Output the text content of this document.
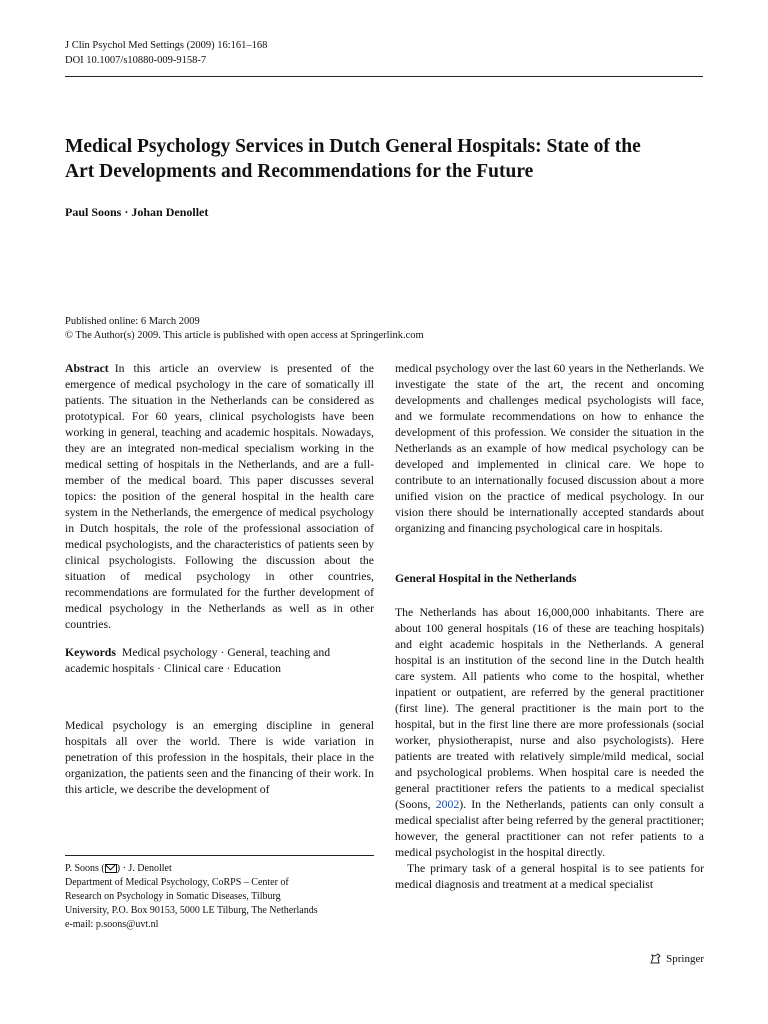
J Clin Psychol Med Settings (2009) 16:161–168
DOI 10.1007/s10880-009-9158-7
Medical Psychology Services in Dutch General Hospitals: State of the Art Developments and Recommendations for the Future
Paul Soons · Johan Denollet
Published online: 6 March 2009
© The Author(s) 2009. This article is published with open access at Springerlink.com

Abstract In this article an overview is presented of the emergence of medical psychology in the care of somatically ill patients. The situation in the Netherlands can be considered as prototypical. For 60 years, clinical psychologists have been working in general, teaching and academic hospitals. Nowadays, they are an integrated non-medical specialism working in the medical setting of hospitals in the Netherlands, and are a full-member of the medical board. This paper discusses several topics: the position of the general hospital in the health care system in the Netherlands, the emergence of medical psychology in Dutch hospitals, the role of the professional association of medical psychologists, and the characteristics of patients seen by clinical psychologists. Following the discussion about the situation of medical psychology in other countries, recommendations are formulated for the further development of medical psychology in the Netherlands as well as in other countries.

Keywords Medical psychology · General, teaching and academic hospitals · Clinical care · Education

Medical psychology is an emerging discipline in general hospitals all over the world. There is wide variation in penetration of this profession in the hospitals, their place in the organization, the patients seen and the financing of their work. In this article, we describe the development of

P. Soons ( ) · J. Denollet
Department of Medical Psychology, CoRPS – Center of
Research on Psychology in Somatic Diseases, Tilburg
University, P.O. Box 90153, 5000 LE Tilburg, The Netherlands
e-mail: p.soons@uvt.nl

medical psychology over the last 60 years in the Netherlands. We investigate the state of the art, the recent and oncoming developments and challenges medical psychologists will face, and we formulate recommendations on how to enhance the development of this profession. We consider the situation in the Netherlands as an example of how medical psychology can be developed and implemented in clinical care. We hope to contribute to an internationally focused discussion about a more unified vision on the practice of medical psychology. In our vision there should be internationally accepted standards about organizing and financing psychological care in hospitals.

General Hospital in the Netherlands

The Netherlands has about 16,000,000 inhabitants. There are about 100 general hospitals (16 of these are teaching hospitals) and eight academic hospitals in the Netherlands. A general hospital is an institution of the second line in the Dutch health care system. All patients who come to the hospital, whether inpatient or outpatient, are referred by the general practitioner (first line). The general practitioner is the main port to the hospital, but in the first line there are more professionals (social worker, physiotherapist, nurse and also psychologists). Here patients are treated with relatively simple/mild medical, social and psychological problems. When hospital care is needed the general practitioner refers the patients to a medical specialist (Soons, 2002). In the Netherlands, patients can only consult a medical specialist after being referred by the general practitioner; however, the general practitioner can not refer patients to a medical psychologist in the hospital directly.

The primary task of a general hospital is to see patients for medical diagnosis and treatment at a medical specialist

Springer
